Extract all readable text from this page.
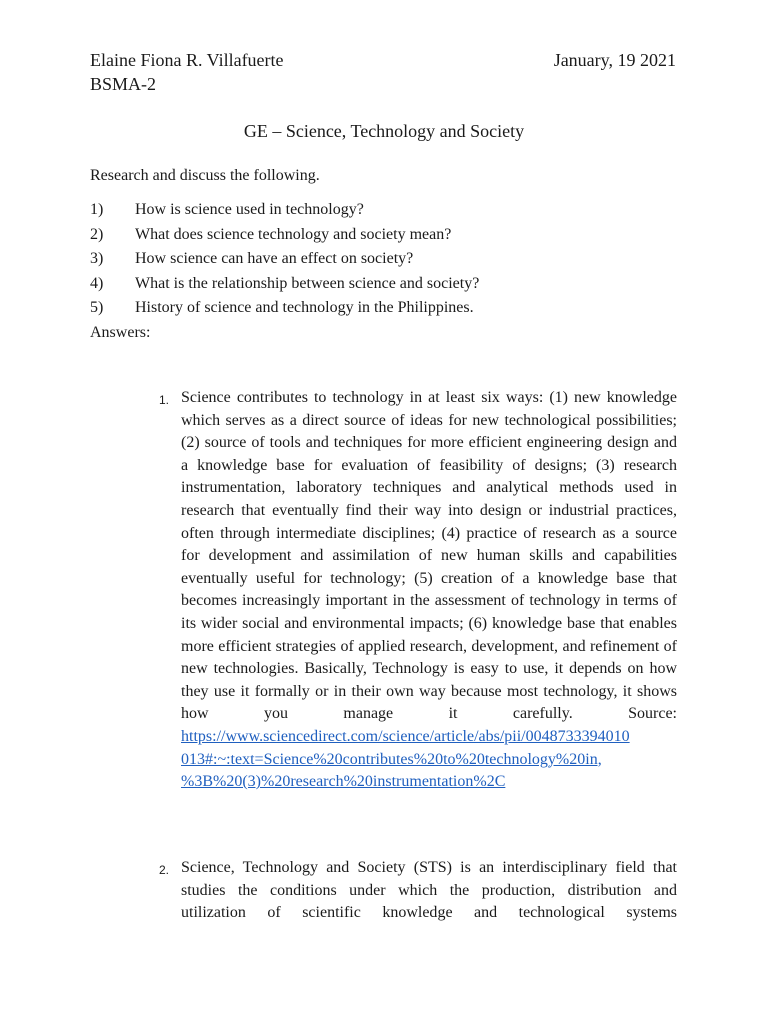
Elaine Fiona R. Villafuerte	January, 19 2021
BSMA-2
GE – Science, Technology and Society
Research and discuss the following.
1) How is science used in technology?
2) What does science technology and society mean?
3) How science can have an effect on society?
4) What is the relationship between science and society?
5) History of science and technology in the Philippines.
Answers:
1. Science contributes to technology in at least six ways: (1) new knowledge which serves as a direct source of ideas for new technological possibilities; (2) source of tools and techniques for more efficient engineering design and a knowledge base for evaluation of feasibility of designs; (3) research instrumentation, laboratory techniques and analytical methods used in research that eventually find their way into design or industrial practices, often through intermediate disciplines; (4) practice of research as a source for development and assimilation of new human skills and capabilities eventually useful for technology; (5) creation of a knowledge base that becomes increasingly important in the assessment of technology in terms of its wider social and environmental impacts; (6) knowledge base that enables more efficient strategies of applied research, development, and refinement of new technologies. Basically, Technology is easy to use, it depends on how they use it formally or in their own way because most technology, it shows how you manage it carefully. Source:
https://www.sciencedirect.com/science/article/abs/pii/0048733394010
013#:~:text=Science%20contributes%20to%20technology%20in,
%3B%20(3)%20research%20instrumentation%2C
2. Science, Technology and Society (STS) is an interdisciplinary field that studies the conditions under which the production, distribution and utilization of scientific knowledge and technological systems
